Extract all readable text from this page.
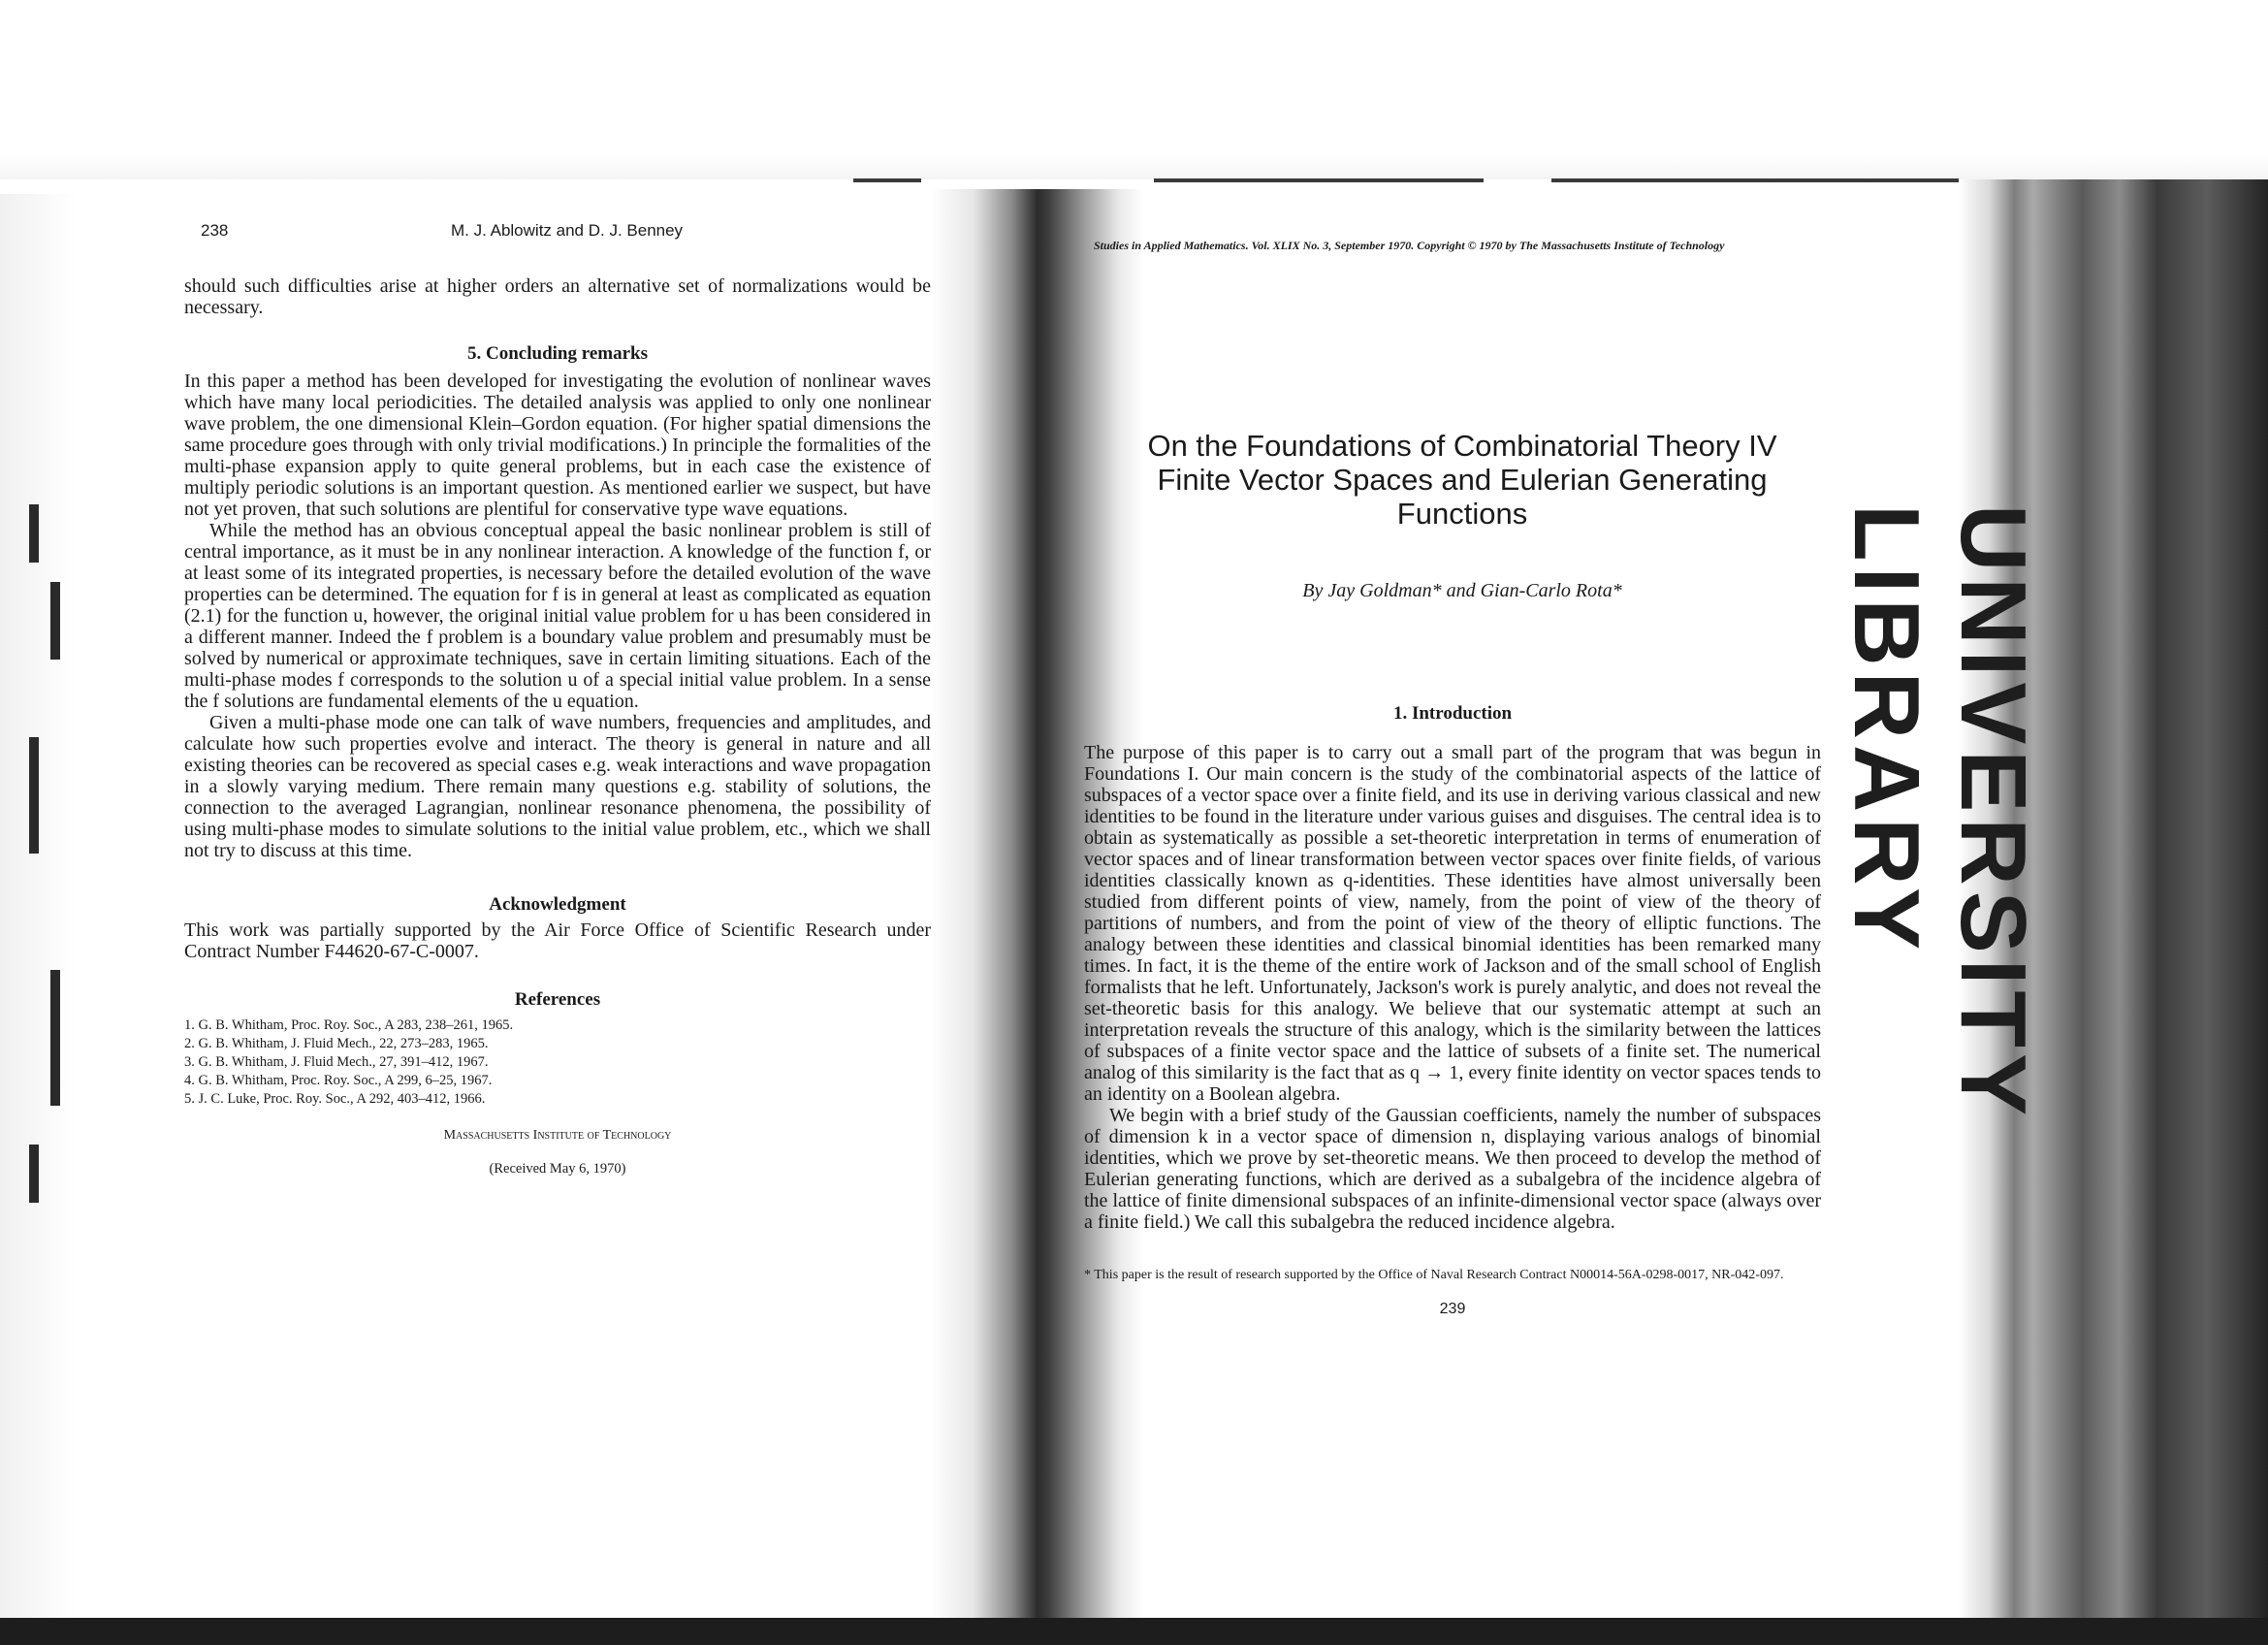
UNIVERSITY LIBRARY
238	M. J. Ablowitz and D. J. Benney

should such difficulties arise at higher orders an alternative set of normalizations would be necessary.

5. Concluding remarks

In this paper a method has been developed for investigating the evolution of nonlinear waves which have many local periodicities. The detailed analysis was applied to only one nonlinear wave problem, the one dimensional Klein–Gordon equation. (For higher spatial dimensions the same procedure goes through with only trivial modifications.) In principle the formalities of the multi-phase expansion apply to quite general problems, but in each case the existence of multiply periodic solutions is an important question. As mentioned earlier we suspect, but have not yet proven, that such solutions are plentiful for conservative type wave equations.

While the method has an obvious conceptual appeal the basic nonlinear problem is still of central importance, as it must be in any nonlinear interaction. A knowledge of the function f, or at least some of its integrated properties, is necessary before the detailed evolution of the wave properties can be determined. The equation for f is in general at least as complicated as equation (2.1) for the function u, however, the original initial value problem for u has been considered in a different manner. Indeed the f problem is a boundary value problem and presumably must be solved by numerical or approximate techniques, save in certain limiting situations. Each of the multi-phase modes f corresponds to the solution u of a special initial value problem. In a sense the f solutions are fundamental elements of the u equation.

Given a multi-phase mode one can talk of wave numbers, frequencies and amplitudes, and calculate how such properties evolve and interact. The theory is general in nature and all existing theories can be recovered as special cases e.g. weak interactions and wave propagation in a slowly varying medium. There remain many questions e.g. stability of solutions, the connection to the averaged Lagrangian, nonlinear resonance phenomena, the possibility of using multi-phase modes to simulate solutions to the initial value problem, etc., which we shall not try to discuss at this time.

Acknowledgment

This work was partially supported by the Air Force Office of Scientific Research under Contract Number F44620-67-C-0007.

References
1. G. B. Whitham, Proc. Roy. Soc., A 283, 238–261, 1965.
2. G. B. Whitham, J. Fluid Mech., 22, 273–283, 1965.
3. G. B. Whitham, J. Fluid Mech., 27, 391–412, 1967.
4. G. B. Whitham, Proc. Roy. Soc., A 299, 6–25, 1967.
5. J. C. Luke, Proc. Roy. Soc., A 292, 403–412, 1966.
Massachusetts Institute of Technology
(Received May 6, 1970)
Studies in Applied Mathematics. Vol. XLIX No. 3, September 1970. Copyright © 1970 by The Massachusetts Institute of Technology
On the Foundations of Combinatorial Theory IV
Finite Vector Spaces and Eulerian Generating
Functions
By Jay Goldman* and Gian-Carlo Rota*
1. Introduction

The purpose of this paper is to carry out a small part of the program that was begun in Foundations I. Our main concern is the study of the combinatorial aspects of the lattice of subspaces of a vector space over a finite field, and its use in deriving various classical and new identities to be found in the literature under various guises and disguises. The central idea is to obtain as systematically as possible a set-theoretic interpretation in terms of enumeration of vector spaces and of linear transformation between vector spaces over finite fields, of various identities classically known as q-identities. These identities have almost universally been studied from different points of view, namely, from the point of view of the theory of partitions of numbers, and from the point of view of the theory of elliptic functions. The analogy between these identities and classical binomial identities has been remarked many times. In fact, it is the theme of the entire work of Jackson and of the small school of English formalists that he left. Unfortunately, Jackson's work is purely analytic, and does not reveal the set-theoretic basis for this analogy. We believe that our systematic attempt at such an interpretation reveals the structure of this analogy, which is the similarity between the lattices of subspaces of a finite vector space and the lattice of subsets of a finite set. The numerical analog of this similarity is the fact that as q → 1, every finite identity on vector spaces tends to an identity on a Boolean algebra.

We begin with a brief study of the Gaussian coefficients, namely the number of subspaces of dimension k in a vector space of dimension n, displaying various analogs of binomial identities, which we prove by set-theoretic means. We then proceed to develop the method of Eulerian generating functions, which are derived as a subalgebra of the incidence algebra of the lattice of finite dimensional subspaces of an infinite-dimensional vector space (always over a finite field.) We call this subalgebra the reduced incidence algebra.

* This paper is the result of research supported by the Office of Naval Research Contract N00014-56A-0298-0017, NR-042-097.

239
